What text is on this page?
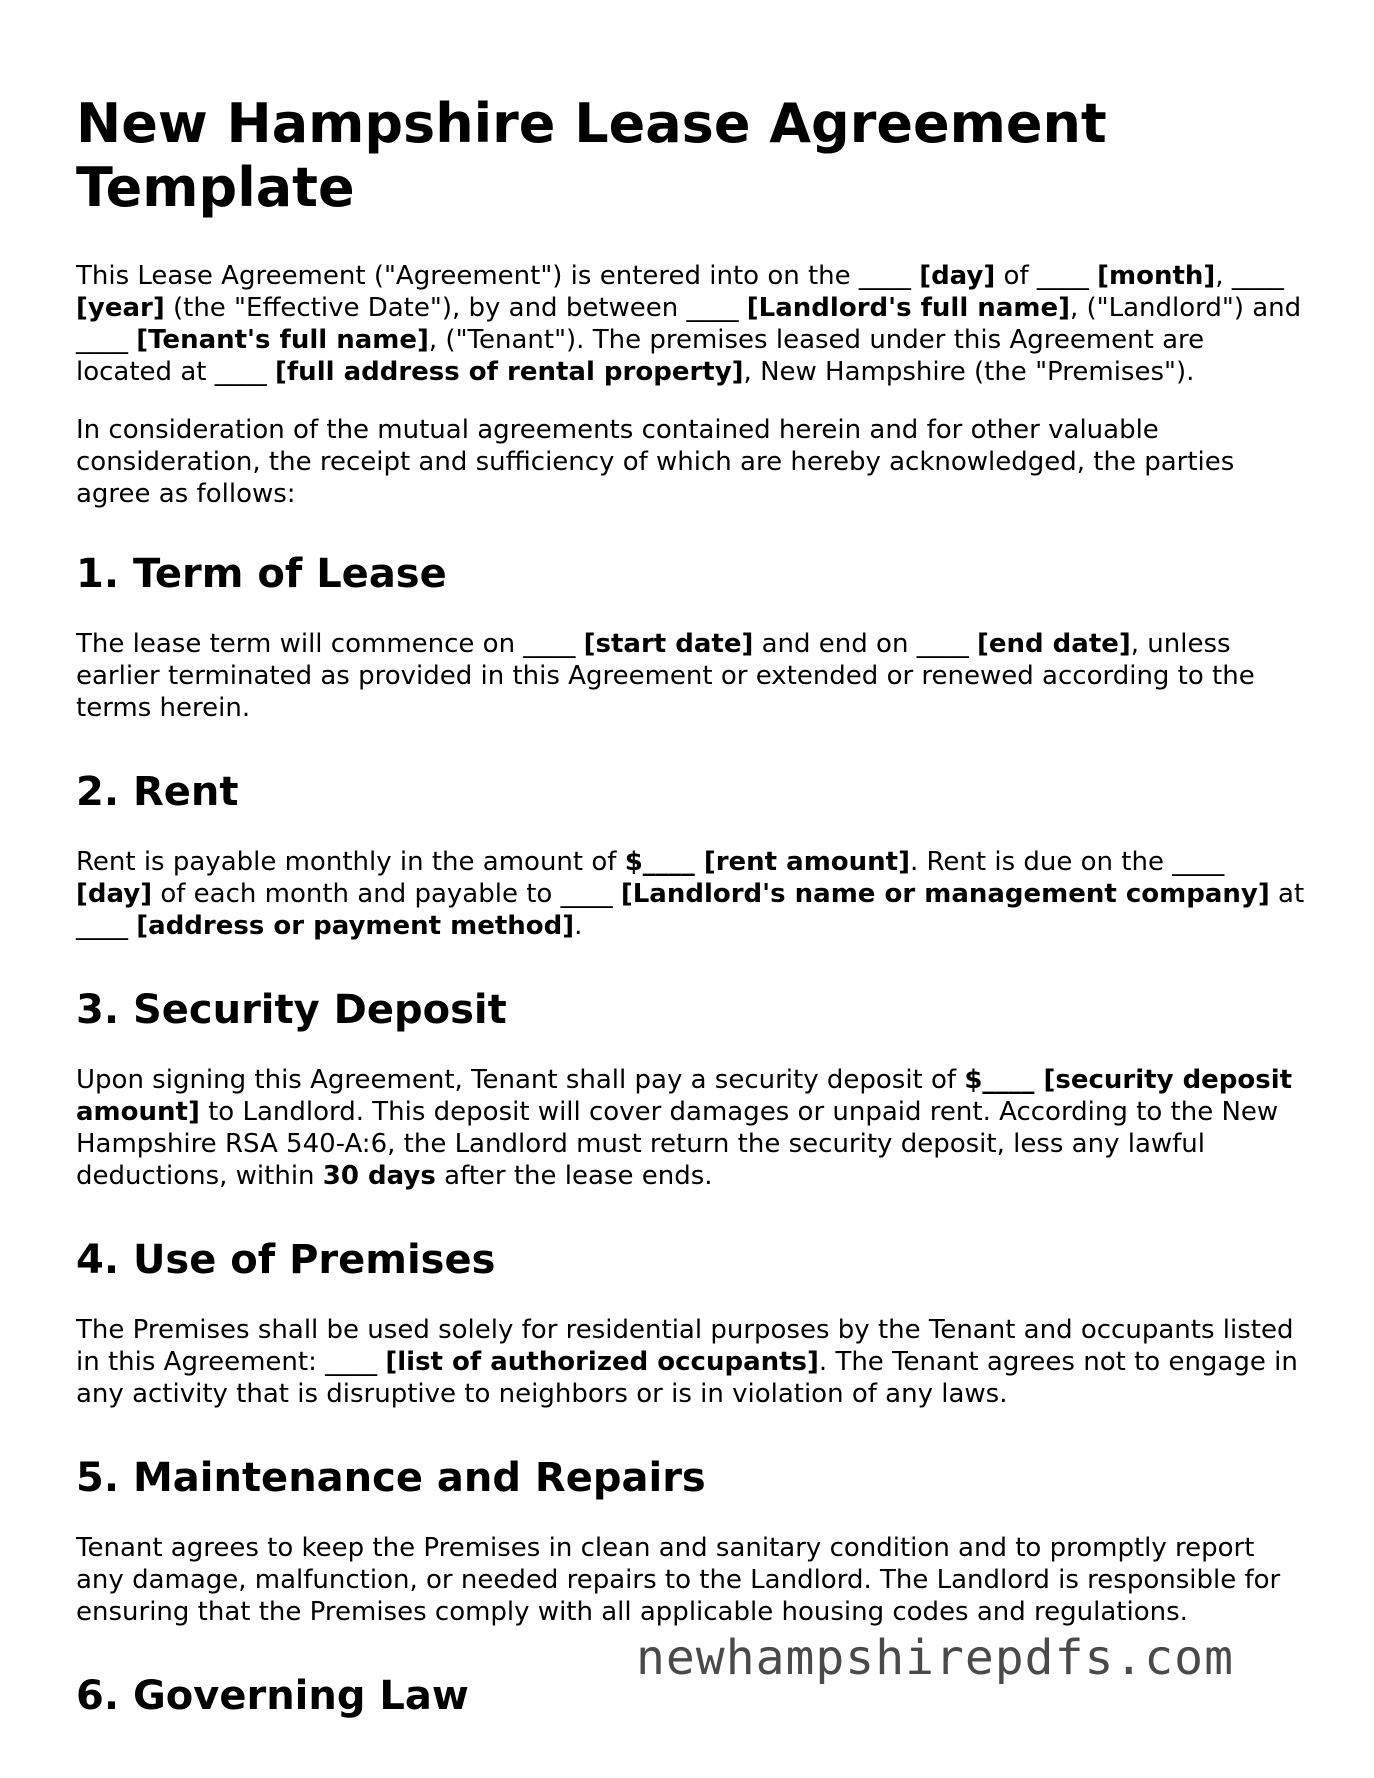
New Hampshire Lease Agreement Template

This Lease Agreement ("Agreement") is entered into on the ____ [day] of ____ [month], ____ [year] (the "Effective Date"), by and between ____ [Landlord's full name], ("Landlord") and ____ [Tenant's full name], ("Tenant"). The premises leased under this Agreement are located at ____ [full address of rental property], New Hampshire (the "Premises").

In consideration of the mutual agreements contained herein and for other valuable consideration, the receipt and sufficiency of which are hereby acknowledged, the parties agree as follows:

1. Term of Lease

The lease term will commence on ____ [start date] and end on ____ [end date], unless earlier terminated as provided in this Agreement or extended or renewed according to the terms herein.

2. Rent

Rent is payable monthly in the amount of $____ [rent amount]. Rent is due on the ____ [day] of each month and payable to ____ [Landlord's name or management company] at ____ [address or payment method].

3. Security Deposit

Upon signing this Agreement, Tenant shall pay a security deposit of $____ [security deposit amount] to Landlord. This deposit will cover damages or unpaid rent. According to the New Hampshire RSA 540-A:6, the Landlord must return the security deposit, less any lawful deductions, within 30 days after the lease ends.

4. Use of Premises

The Premises shall be used solely for residential purposes by the Tenant and occupants listed in this Agreement: ____ [list of authorized occupants]. The Tenant agrees not to engage in any activity that is disruptive to neighbors or is in violation of any laws.

5. Maintenance and Repairs

Tenant agrees to keep the Premises in clean and sanitary condition and to promptly report any damage, malfunction, or needed repairs to the Landlord. The Landlord is responsible for ensuring that the Premises comply with all applicable housing codes and regulations.

6. Governing Law
newhampshirepdfs.com
